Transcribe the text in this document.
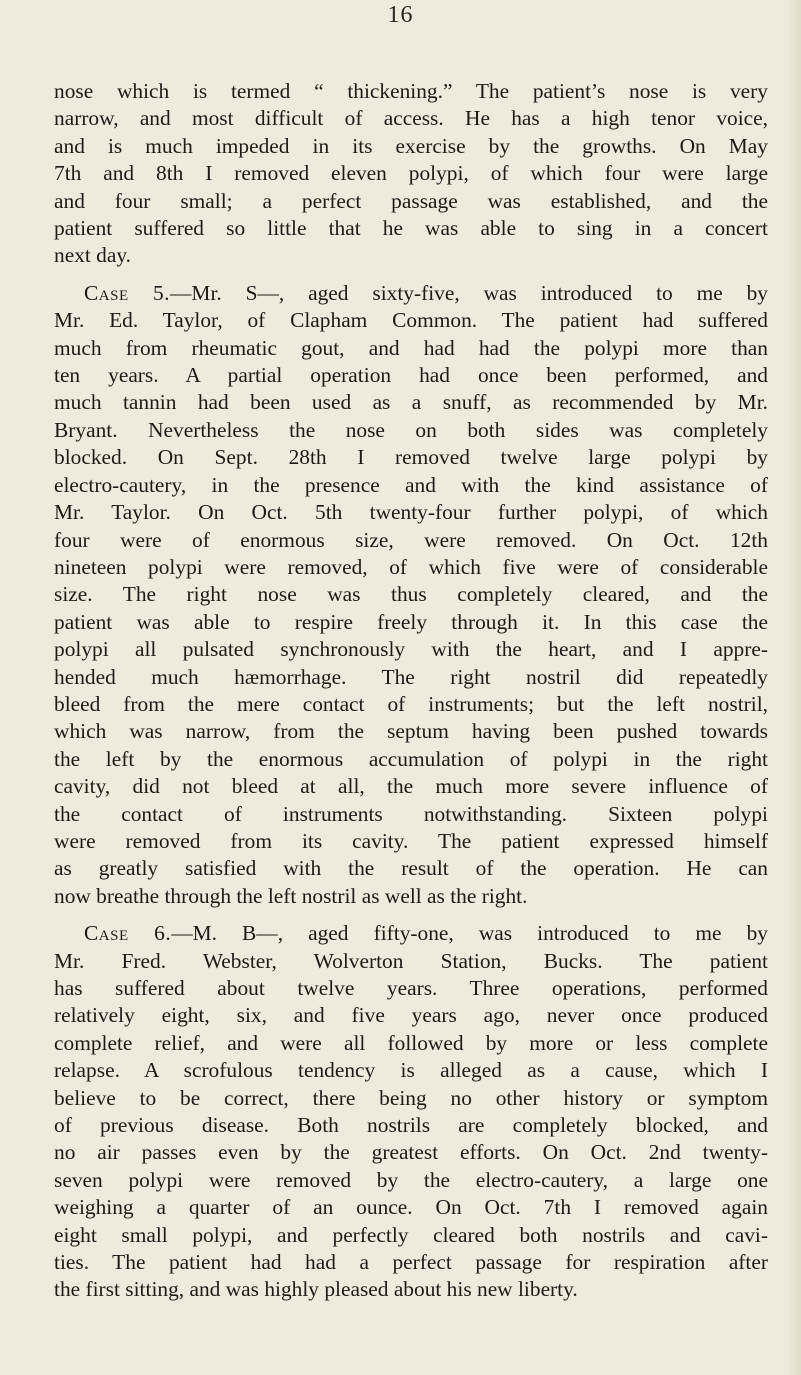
16

nose which is termed “ thickening.” The patient’s nose is very
narrow, and most difficult of access. He has a high tenor voice,
and is much impeded in its exercise by the growths. On May
7th and 8th I removed eleven polypi, of which four were large
and four small; a perfect passage was established, and the
patient suffered so little that he was able to sing in a concert
next day.

Case 5.—Mr. S—, aged sixty-five, was introduced to me by
Mr. Ed. Taylor, of Clapham Common. The patient had suffered
much from rheumatic gout, and had had the polypi more than
ten years. A partial operation had once been performed, and
much tannin had been used as a snuff, as recommended by Mr.
Bryant. Nevertheless the nose on both sides was completely
blocked. On Sept. 28th I removed twelve large polypi by
electro-cautery, in the presence and with the kind assistance of
Mr. Taylor. On Oct. 5th twenty-four further polypi, of which
four were of enormous size, were removed. On Oct. 12th
nineteen polypi were removed, of which five were of considerable
size. The right nose was thus completely cleared, and the
patient was able to respire freely through it. In this case the
polypi all pulsated synchronously with the heart, and I appre-
hended much hæmorrhage. The right nostril did repeatedly
bleed from the mere contact of instruments; but the left nostril,
which was narrow, from the septum having been pushed towards
the left by the enormous accumulation of polypi in the right
cavity, did not bleed at all, the much more severe influence of
the contact of instruments notwithstanding. Sixteen polypi
were removed from its cavity. The patient expressed himself
as greatly satisfied with the result of the operation. He can
now breathe through the left nostril as well as the right.

Case 6.—M. B—, aged fifty-one, was introduced to me by
Mr. Fred. Webster, Wolverton Station, Bucks. The patient
has suffered about twelve years. Three operations, performed
relatively eight, six, and five years ago, never once produced
complete relief, and were all followed by more or less complete
relapse. A scrofulous tendency is alleged as a cause, which I
believe to be correct, there being no other history or symptom
of previous disease. Both nostrils are completely blocked, and
no air passes even by the greatest efforts. On Oct. 2nd twenty-
seven polypi were removed by the electro-cautery, a large one
weighing a quarter of an ounce. On Oct. 7th I removed again
eight small polypi, and perfectly cleared both nostrils and cavi-
ties. The patient had had a perfect passage for respiration after
the first sitting, and was highly pleased about his new liberty.
